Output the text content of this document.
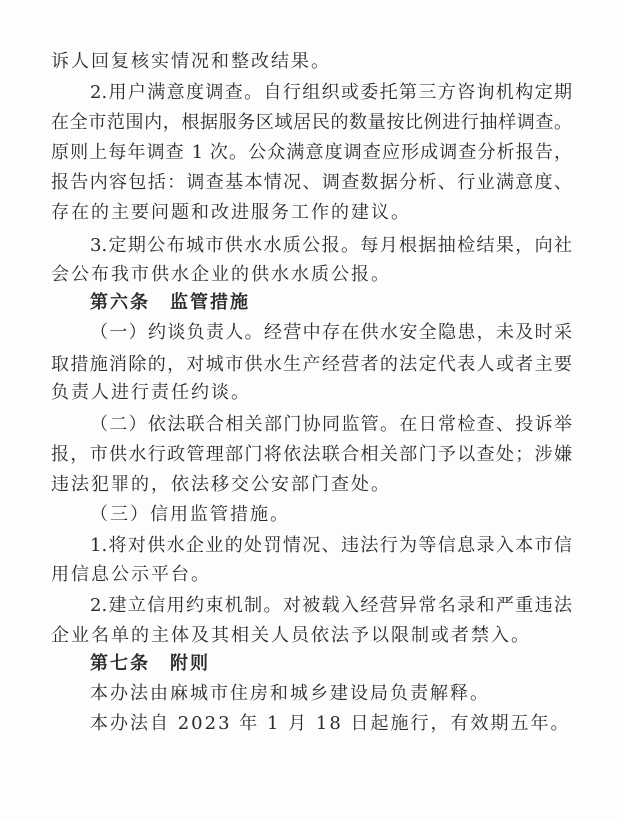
诉人回复核实情况和整改结果。
2.用户满意度调查。自行组织或委托第三方咨询机构定期
在全市范围内，根据服务区域居民的数量按比例进行抽样调查。
原则上每年调查 1 次。公众满意度调查应形成调查分析报告，
报告内容包括：调查基本情况、调查数据分析、行业满意度、
存在的主要问题和改进服务工作的建议。
3.定期公布城市供水水质公报。每月根据抽检结果，向社
会公布我市供水企业的供水水质公报。
第六条　监管措施
（一）约谈负责人。经营中存在供水安全隐患，未及时采
取措施消除的，对城市供水生产经营者的法定代表人或者主要
负责人进行责任约谈。
（二）依法联合相关部门协同监管。在日常检查、投诉举
报，市供水行政管理部门将依法联合相关部门予以查处；涉嫌
违法犯罪的，依法移交公安部门查处。
（三）信用监管措施。
1.将对供水企业的处罚情况、违法行为等信息录入本市信
用信息公示平台。
2.建立信用约束机制。对被载入经营异常名录和严重违法
企业名单的主体及其相关人员依法予以限制或者禁入。
第七条　附则
本办法由麻城市住房和城乡建设局负责解释。
本办法自 2023 年 1 月 18 日起施行，有效期五年。
